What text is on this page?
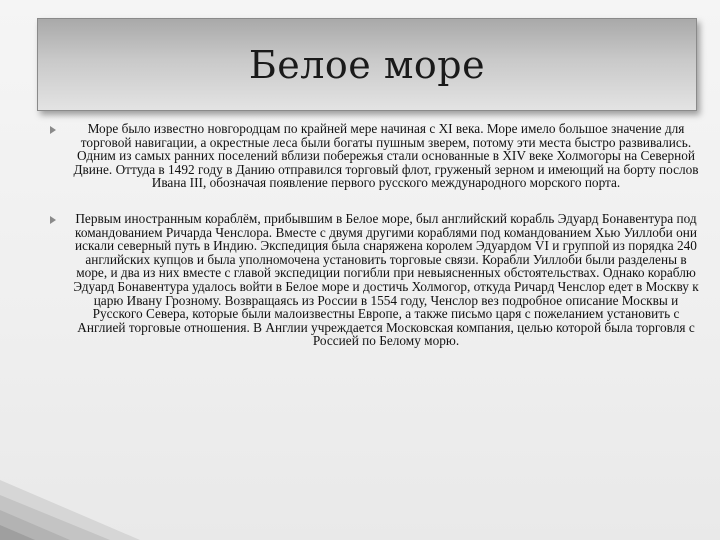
Белое море
Море было известно новгородцам по крайней мере начиная с XI века. Море имело большое значение для торговой навигации, а окрестные леса были богаты пушным зверем, потому эти места быстро развивались. Одним из самых ранних поселений вблизи побережья стали основанные в XIV веке Холмогоры на Северной Двине. Оттуда в 1492 году в Данию отправился торговый флот, груженый зерном и имеющий на борту послов Ивана III, обозначая появление первого русского международного морского порта.
Первым иностранным кораблём, прибывшим в Белое море, был английский корабль Эдуард Бонавентура под командованием Ричарда Ченслора. Вместе с двумя другими кораблями под командованием Хью Уиллоби они искали северный путь в Индию. Экспедиция была снаряжена королем Эдуардом VI и группой из порядка 240 английских купцов и была уполномочена установить торговые связи. Корабли Уиллоби были разделены в море, и два из них вместе с главой экспедиции погибли при невыясненных обстоятельствах. Однако кораблю Эдуард Бонавентура удалось войти в Белое море и достичь Холмогор, откуда Ричард Ченслор едет в Москву к царю Ивану Грозному. Возвращаясь из России в 1554 году, Ченслор вез подробное описание Москвы и Русского Севера, которые были малоизвестны Европе, а также письмо царя с пожеланием установить с Англией торговые отношения. В Англии учреждается Московская компания, целью которой была торговля с Россией по Белому морю.
